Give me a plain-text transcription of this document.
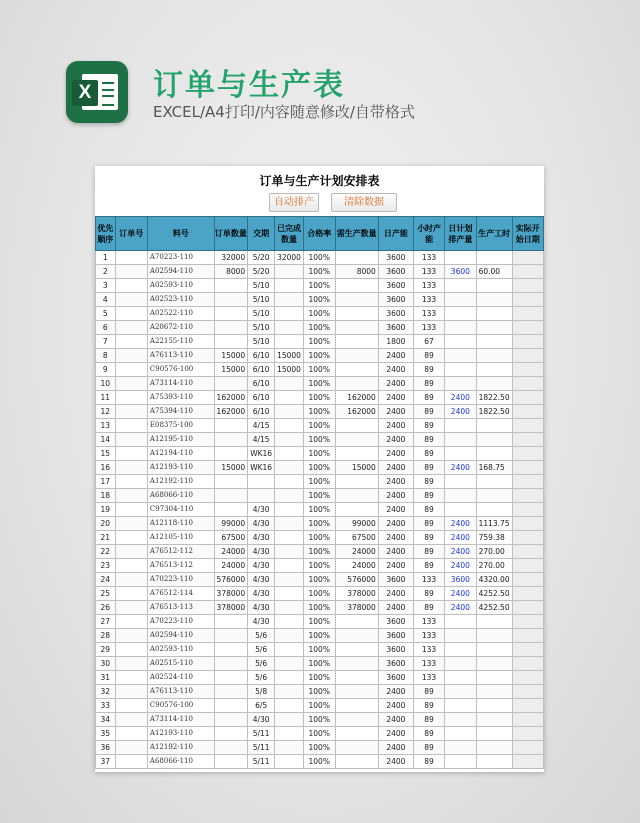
X 订单与生产表
EXCEL/A4打印/内容随意修改/自带格式
订单与生产计划安排表
自动排产	清除数据
优先顺序	订单号	料号	订单数量	交期	已完成数量	合格率	需生产数量	日产能	小时产能	日计划排产量	生产工时	实际开始日期
1		A70223-110	32000	5/20	32000	100%		3600	133			
2		A02594-110	8000	5/20		100%	8000	3600	133	3600	60.00	
3		A02593-110		5/10		100%		3600	133			
4		A02523-110		5/10		100%		3600	133			
5		A02522-110		5/10		100%		3600	133			
6		A20672-110		5/10		100%		3600	133			
7		A22155-110		5/10		100%		1800	67			
8		A76113-110	15000	6/10	15000	100%		2400	89			
9		C90576-100	15000	6/10	15000	100%		2400	89			
10		A73114-110		6/10		100%		2400	89			
11		A75393-110	162000	6/10		100%	162000	2400	89	2400	1822.50	
12		A75394-110	162000	6/10		100%	162000	2400	89	2400	1822.50	
13		E08375-100		4/15		100%		2400	89			
14		A12195-110		4/15		100%		2400	89			
15		A12194-110		WK16		100%		2400	89			
16		A12193-110	15000	WK16		100%	15000	2400	89	2400	168.75	
17		A12192-110				100%		2400	89			
18		A68066-110				100%		2400	89			
19		C97304-110		4/30		100%		2400	89			
20		A12118-110	99000	4/30		100%	99000	2400	89	2400	1113.75	
21		A12105-110	67500	4/30		100%	67500	2400	89	2400	759.38	
22		A76512-112	24000	4/30		100%	24000	2400	89	2400	270.00	
23		A76513-112	24000	4/30		100%	24000	2400	89	2400	270.00	
24		A70223-110	576000	4/30		100%	576000	3600	133	3600	4320.00	
25		A76512-114	378000	4/30		100%	378000	2400	89	2400	4252.50	
26		A76513-113	378000	4/30		100%	378000	2400	89	2400	4252.50	
27		A70223-110		4/30		100%		3600	133			
28		A02594-110		5/6		100%		3600	133			
29		A02593-110		5/6		100%		3600	133			
30		A02515-110		5/6		100%		3600	133			
31		A02524-110		5/6		100%		3600	133			
32		A76113-110		5/8		100%		2400	89			
33		C90576-100		6/5		100%		2400	89			
34		A73114-110		4/30		100%		2400	89			
35		A12193-110		5/11		100%		2400	89			
36		A12192-110		5/11		100%		2400	89			
37		A68066-110		5/11		100%		2400	89			
